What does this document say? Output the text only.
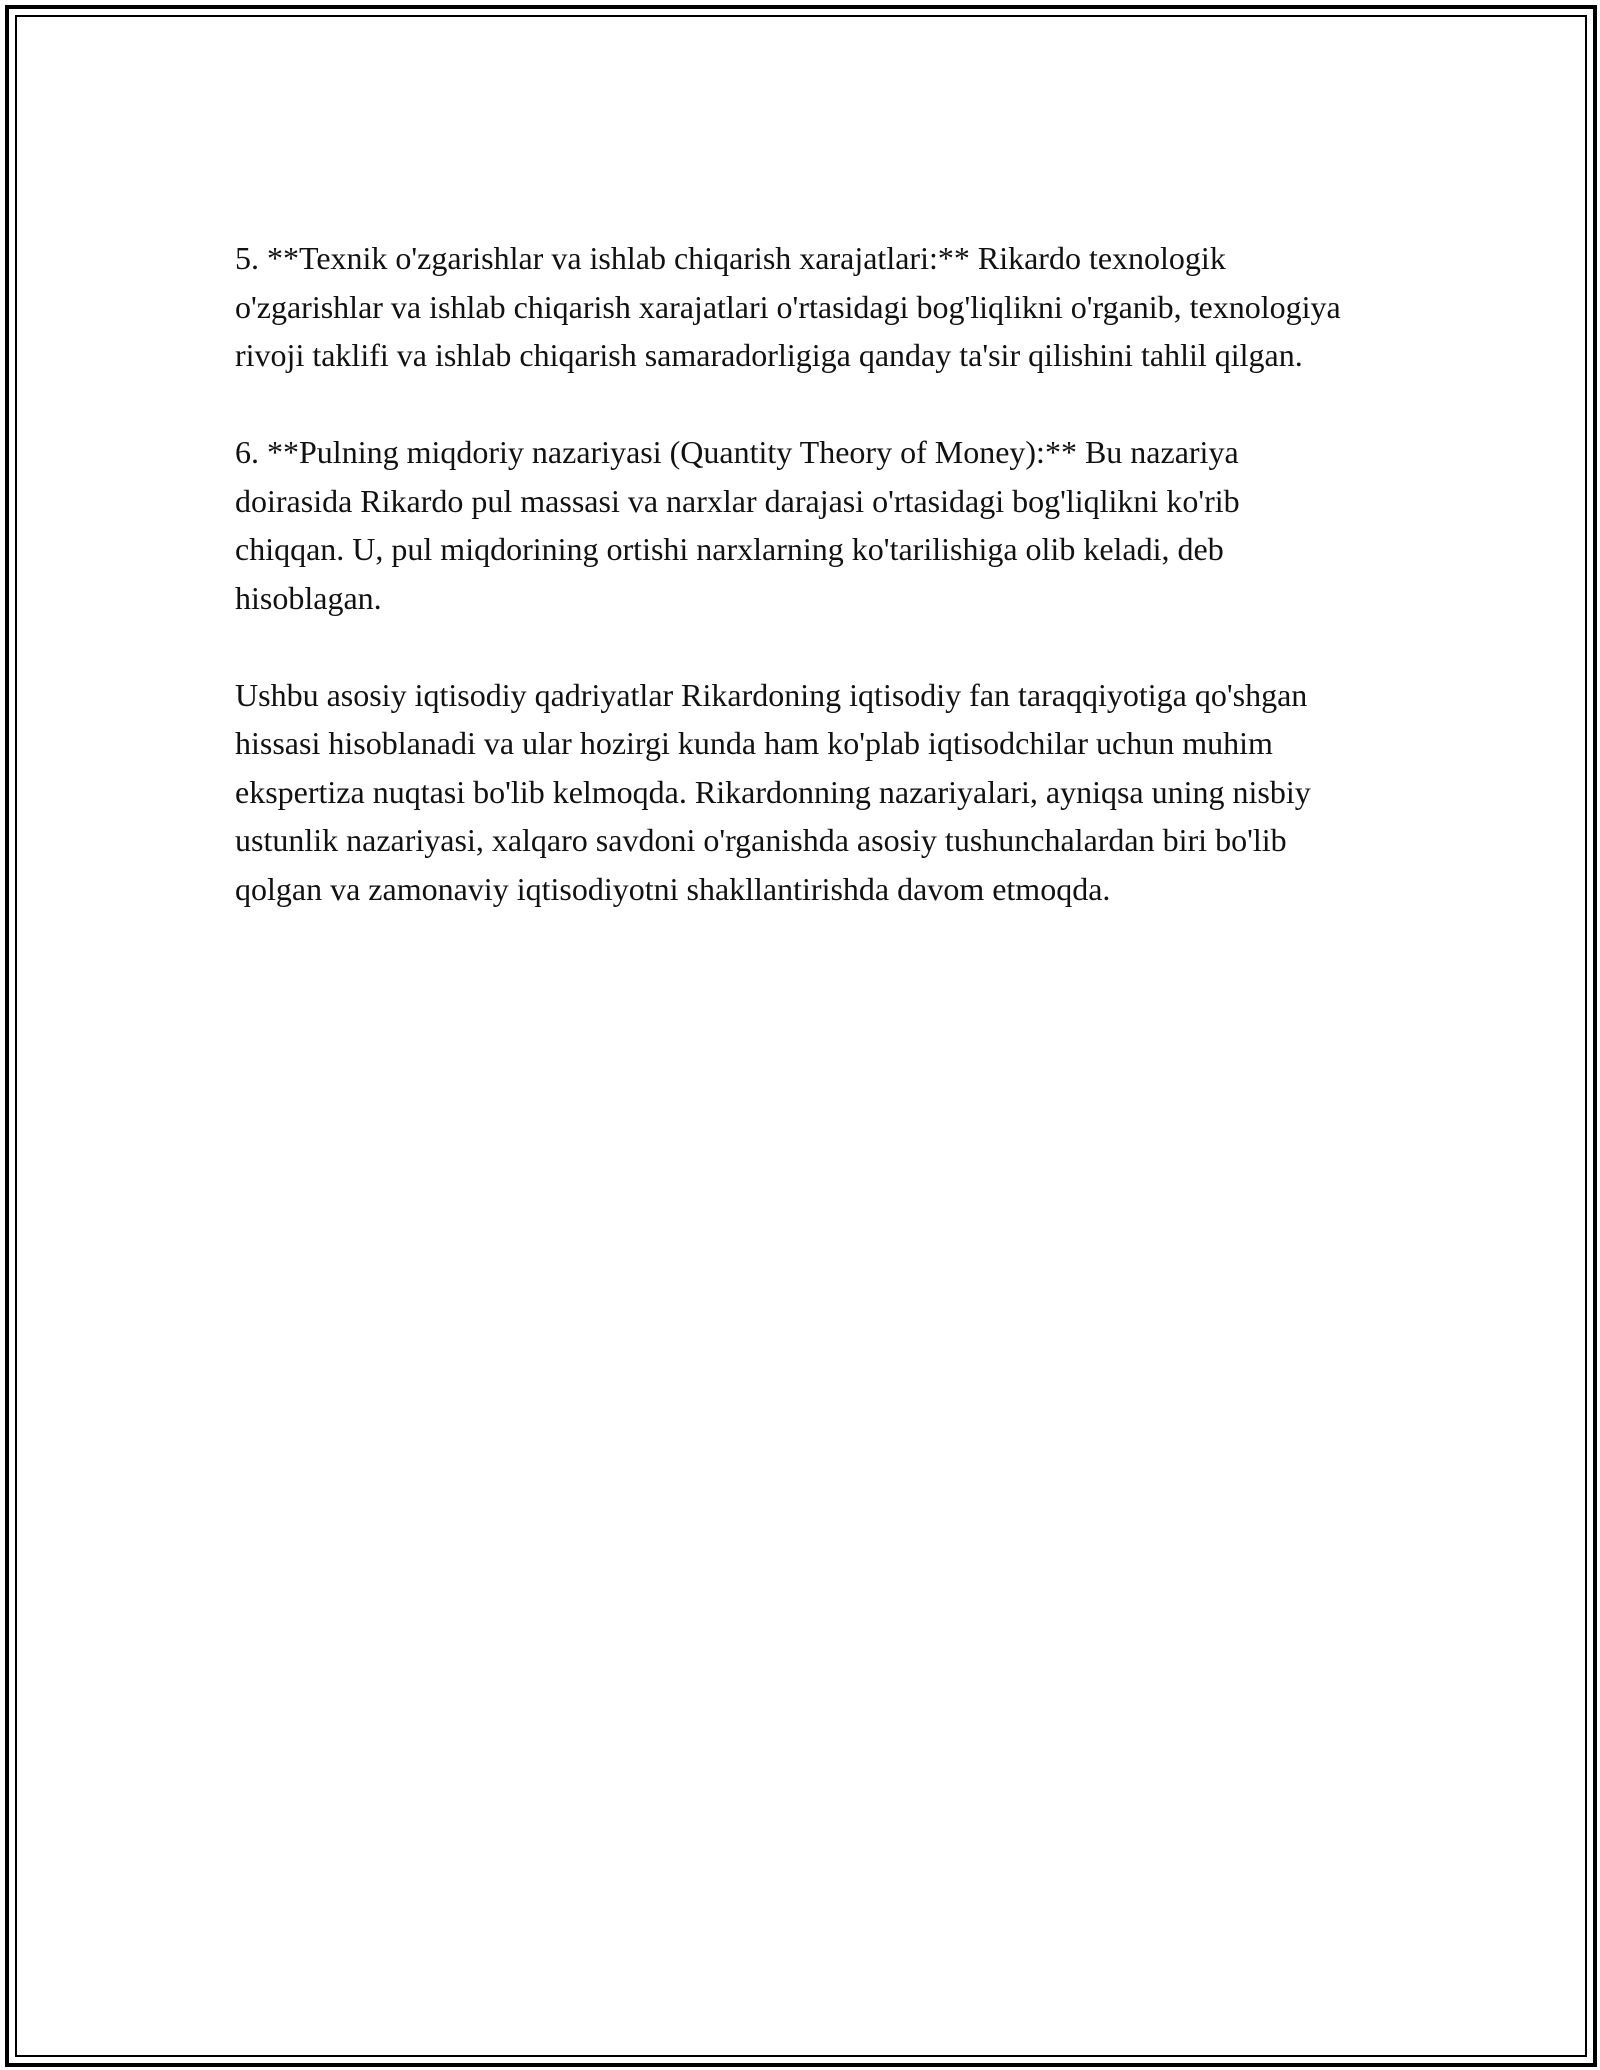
5. **Texnik o'zgarishlar va ishlab chiqarish xarajatlari:** Rikardo texnologik o'zgarishlar va ishlab chiqarish xarajatlari o'rtasidagi bog'liqlikni o'rganib, texnologiya rivoji taklifi va ishlab chiqarish samaradorligiga qanday ta'sir qilishini tahlil qilgan.

6. **Pulning miqdoriy nazariyasi (Quantity Theory of Money):** Bu nazariya doirasida Rikardo pul massasi va narxlar darajasi o'rtasidagi bog'liqlikni ko'rib chiqqan. U, pul miqdorining ortishi narxlarning ko'tarilishiga olib keladi, deb hisoblagan.

Ushbu asosiy iqtisodiy qadriyatlar Rikardoning iqtisodiy fan taraqqiyotiga qo'shgan hissasi hisoblanadi va ular hozirgi kunda ham ko'plab iqtisodchilar uchun muhim ekspertiza nuqtasi bo'lib kelmoqda. Rikardonning nazariyalari, ayniqsa uning nisbiy ustunlik nazariyasi, xalqaro savdoni o'rganishda asosiy tushunchalardan biri bo'lib qolgan va zamonaviy iqtisodiyotni shakllantirishda davom etmoqda.
